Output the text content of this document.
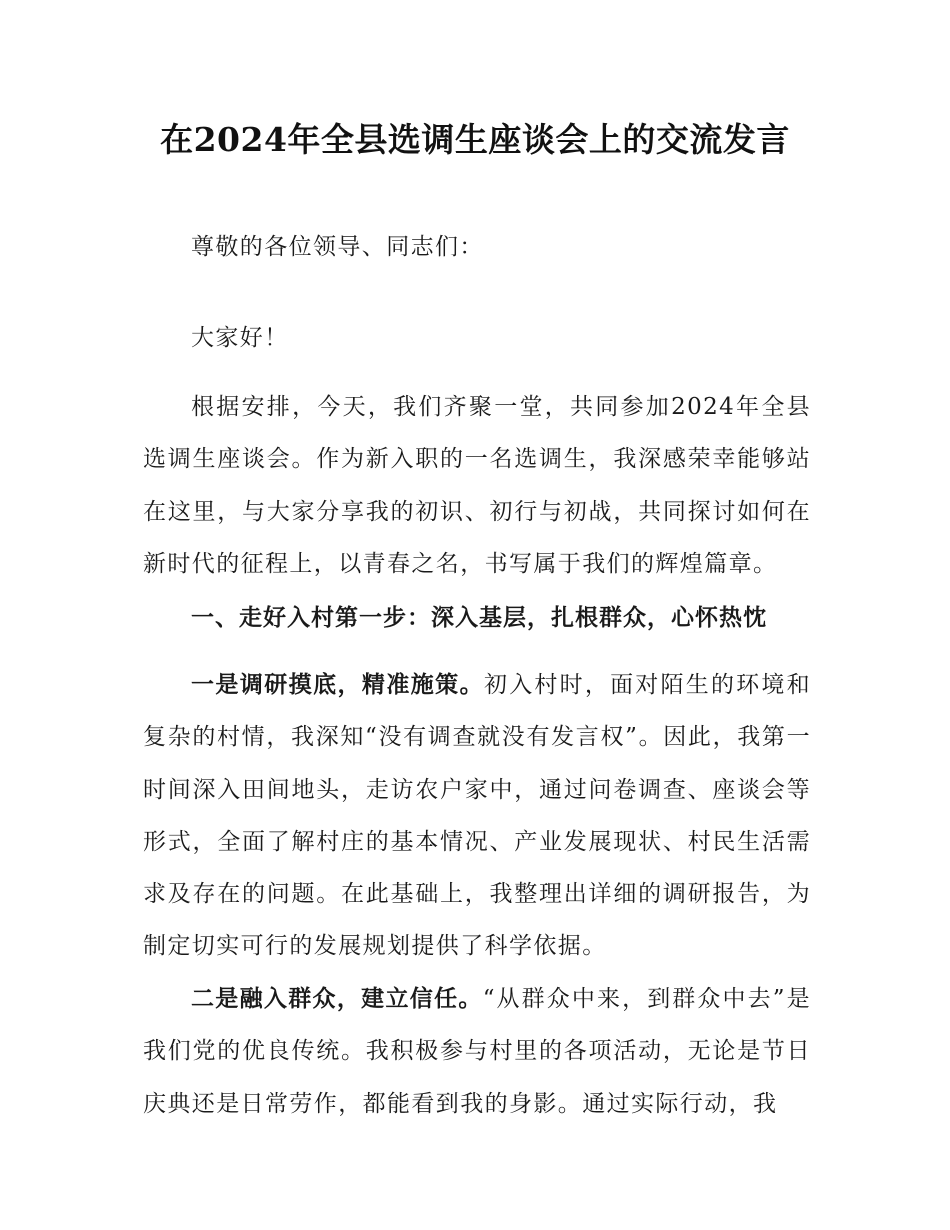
在2024年全县选调生座谈会上的交流发言

尊敬的各位领导、同志们：

大家好！

根据安排，今天，我们齐聚一堂，共同参加2024年全县选调生座谈会。作为新入职的一名选调生，我深感荣幸能够站在这里，与大家分享我的初识、初行与初战，共同探讨如何在新时代的征程上，以青春之名，书写属于我们的辉煌篇章。

一、走好入村第一步：深入基层，扎根群众，心怀热忱

一是调研摸底，精准施策。初入村时，面对陌生的环境和复杂的村情，我深知“没有调查就没有发言权”。因此，我第一时间深入田间地头，走访农户家中，通过问卷调查、座谈会等形式，全面了解村庄的基本情况、产业发展现状、村民生活需求及存在的问题。在此基础上，我整理出详细的调研报告，为制定切实可行的发展规划提供了科学依据。

二是融入群众，建立信任。“从群众中来，到群众中去”是我们党的优良传统。我积极参与村里的各项活动，无论是节日庆典还是日常劳作，都能看到我的身影。通过实际行动，我
